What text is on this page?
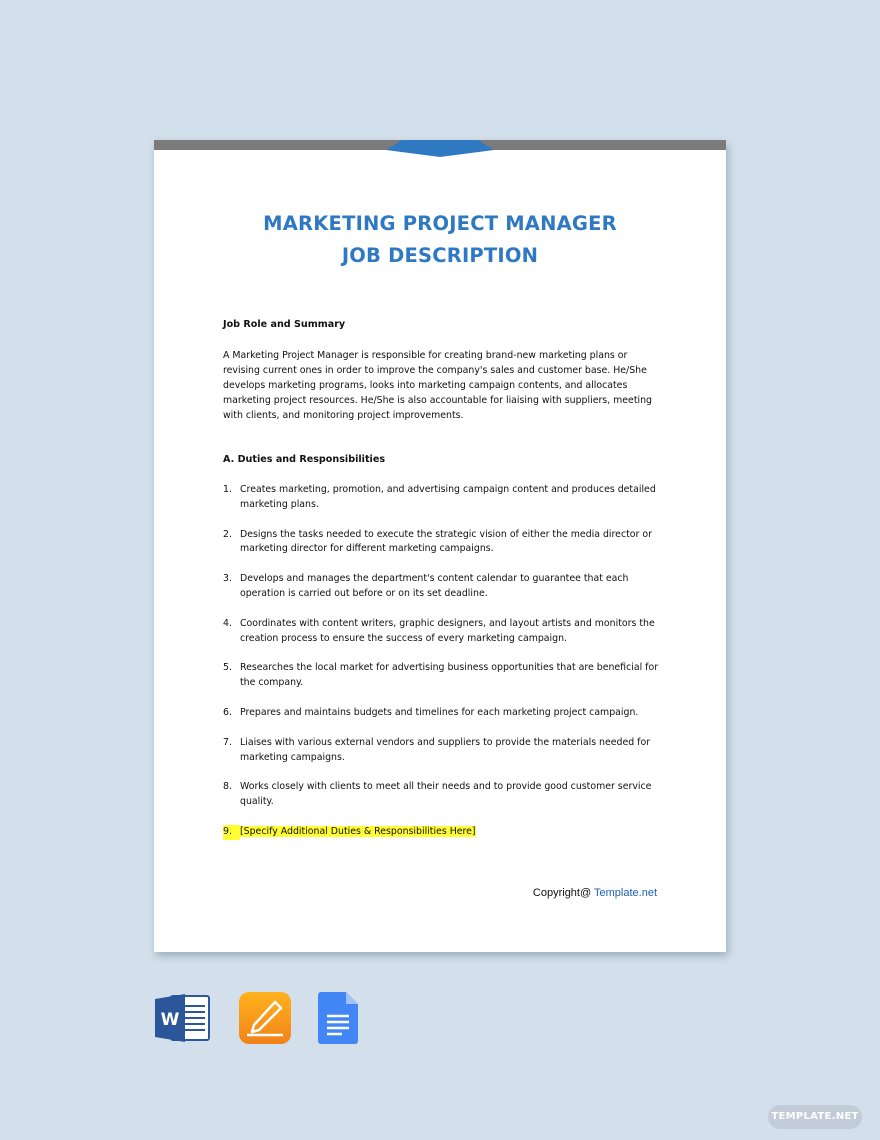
MARKETING PROJECT MANAGER
JOB DESCRIPTION
Job Role and Summary

A Marketing Project Manager is responsible for creating brand-new marketing plans or revising current ones in order to improve the company's sales and customer base. He/She develops marketing programs, looks into marketing campaign contents, and allocates marketing project resources. He/She is also accountable for liaising with suppliers, meeting with clients, and monitoring project improvements.

A. Duties and Responsibilities
1. Creates marketing, promotion, and advertising campaign content and produces detailed marketing plans.
2. Designs the tasks needed to execute the strategic vision of either the media director or marketing director for different marketing campaigns.
3. Develops and manages the department's content calendar to guarantee that each operation is carried out before or on its set deadline.
4. Coordinates with content writers, graphic designers, and layout artists and monitors the creation process to ensure the success of every marketing campaign.
5. Researches the local market for advertising business opportunities that are beneficial for the company.
6. Prepares and maintains budgets and timelines for each marketing project campaign.
7. Liaises with various external vendors and suppliers to provide the materials needed for marketing campaigns.
8. Works closely with clients to meet all their needs and to provide good customer service quality.
9. [Specify Additional Duties & Responsibilities Here]
Copyright@ Template.net
W
TEMPLATE.NET
